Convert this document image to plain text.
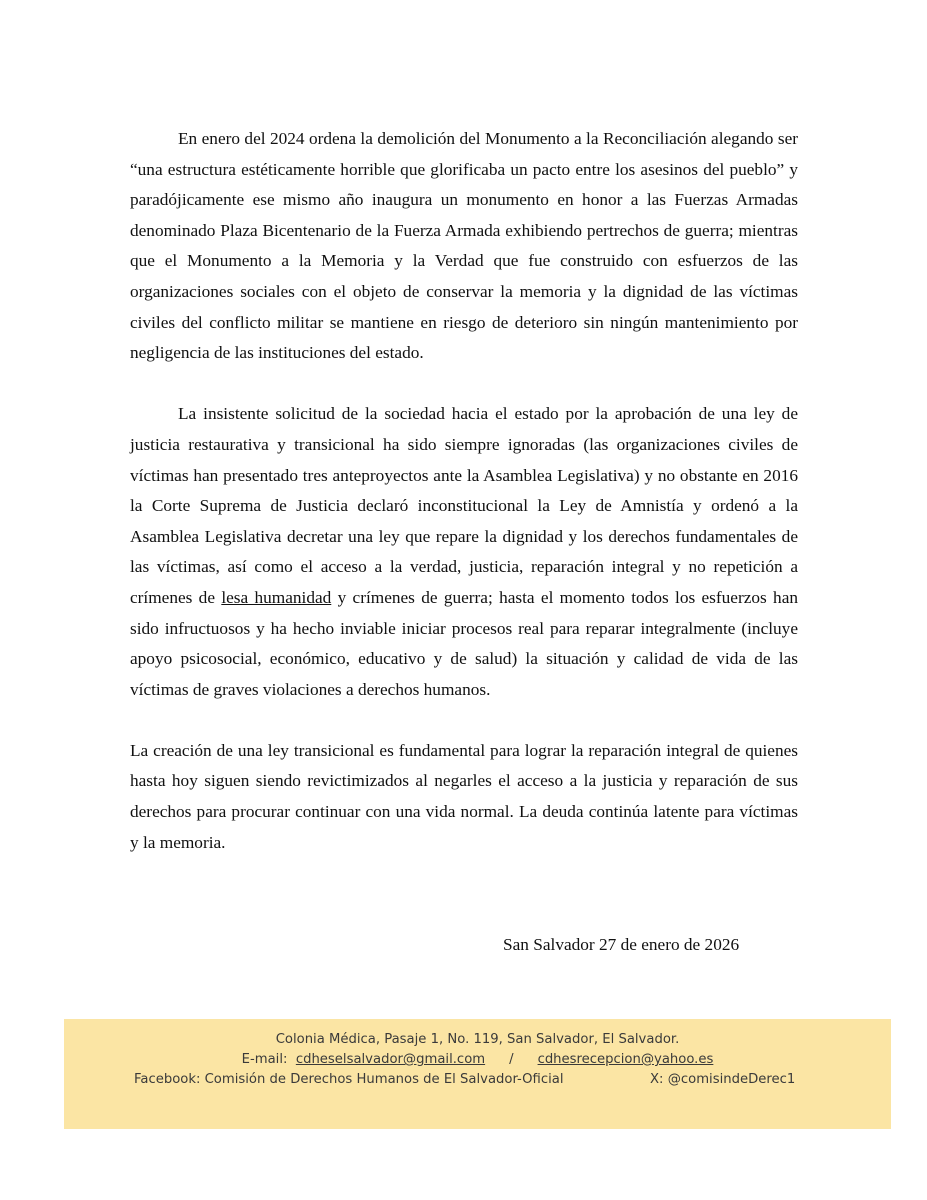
En enero del 2024 ordena la demolición del Monumento a la Reconciliación alegando ser “una estructura estéticamente horrible que glorificaba un pacto entre los asesinos del pueblo” y paradójicamente ese mismo año inaugura un monumento en honor a las Fuerzas Armadas denominado Plaza Bicentenario de la Fuerza Armada exhibiendo pertrechos de guerra; mientras que el Monumento a la Memoria y la Verdad que fue construido con esfuerzos de las organizaciones sociales con el objeto de conservar la memoria y la dignidad de las víctimas civiles del conflicto militar se mantiene en riesgo de deterioro sin ningún mantenimiento por negligencia de las instituciones del estado.

La insistente solicitud de la sociedad hacia el estado por la aprobación de una ley de justicia restaurativa y transicional ha sido siempre ignoradas (las organizaciones civiles de víctimas han presentado tres anteproyectos ante la Asamblea Legislativa) y no obstante en 2016 la Corte Suprema de Justicia declaró inconstitucional la Ley de Amnistía y ordenó a la Asamblea Legislativa decretar una ley que repare la dignidad y los derechos fundamentales de las víctimas, así como el acceso a la verdad, justicia, reparación integral y no repetición a crímenes de lesa humanidad y crímenes de guerra; hasta el momento todos los esfuerzos han sido infructuosos y ha hecho inviable iniciar procesos real para reparar integralmente (incluye apoyo psicosocial, económico, educativo y de salud) la situación y calidad de vida de las víctimas de graves violaciones a derechos humanos.

La creación de una ley transicional es fundamental para lograr la reparación integral de quienes hasta hoy siguen siendo revictimizados al negarles el acceso a la justicia y reparación de sus derechos para procurar continuar con una vida normal. La deuda continúa latente para víctimas y la memoria.

San Salvador 27 de enero de 2026
Colonia Médica, Pasaje 1, No. 119, San Salvador, El Salvador.
E-mail: cdheselsalvador@gmail.com / cdhesrecepcion@yahoo.es
Facebook: Comisión de Derechos Humanos de El Salvador-Oficial	X: @comisindeDerec1
